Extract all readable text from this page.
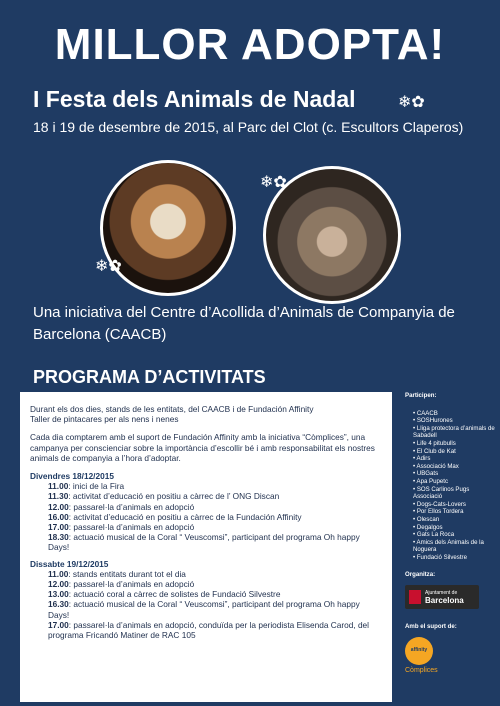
MILLOR ADOPTA!
I Festa dels Animals de Nadal	❄✿
18 i 19 de desembre de 2015, al Parc del Clot (c. Escultors Claperos)
❄✿
❄✿
Una iniciativa del Centre d’Acollida d’Animals de Companyia de Barcelona (CAACB)
PROGRAMA D’ACTIVITATS

Durant els dos dies, stands de les entitats, del CAACB i de Fundación Affinity

Taller de pintacares per als nens i nenes

Cada dia comptarem amb el suport de Fundación Affinity amb la iniciativa “Còmplices”, una campanya per conscienciar sobre la importància d’escollir bé i amb responsabilitat els nostres animals de companyia a l’hora d’adoptar.

Divendres 18/12/2015
11.00: inici de la Fira
11.30: activitat d’educació en positiu a càrrec de l’ ONG Discan
12.00: passarel·la d’animals en adopció
16.00: activitat d’educació en positiu a càrrec de la Fundación Affinity
17.00: passarel·la d’animals en adopció
18.30: actuació musical de la Coral “ Veuscomsi”, participant del programa Oh happy Days!
Dissabte 19/12/2015
11.00: stands entitats durant tot el dia
12.00: passarel·la d’animals en adopció
13.00: actuació coral a càrrec de solistes de Fundació Silvestre
16.30: actuació musical de la Coral “ Veuscomsi”, participant del programa Oh happy Days!
17.00: passarel·la d’animals en adopció, conduïda per la periodista Elisenda Carod, del programa Fricandó Matiner de RAC 105
Participen:
• CAACB
• SOSHurones
• Lliga protectora d’animals de Sabadell
• Life 4 pitubulls
• El Club de Kat
• Adirs
• Associació Max
• UBGats
• Apa Pupetc
• SOS Carlinos Pugs Associació
• Dogs-Cats-Lovers
• Por Ellos Tordera
• Olescan
• Degalgos
• Gats La Roca
• Amics dels Animals de la Noguera
• Fundació Silvestre
Organitza:
Ajuntament de
Barcelona
Amb el suport de:
affinity
Còmplices
